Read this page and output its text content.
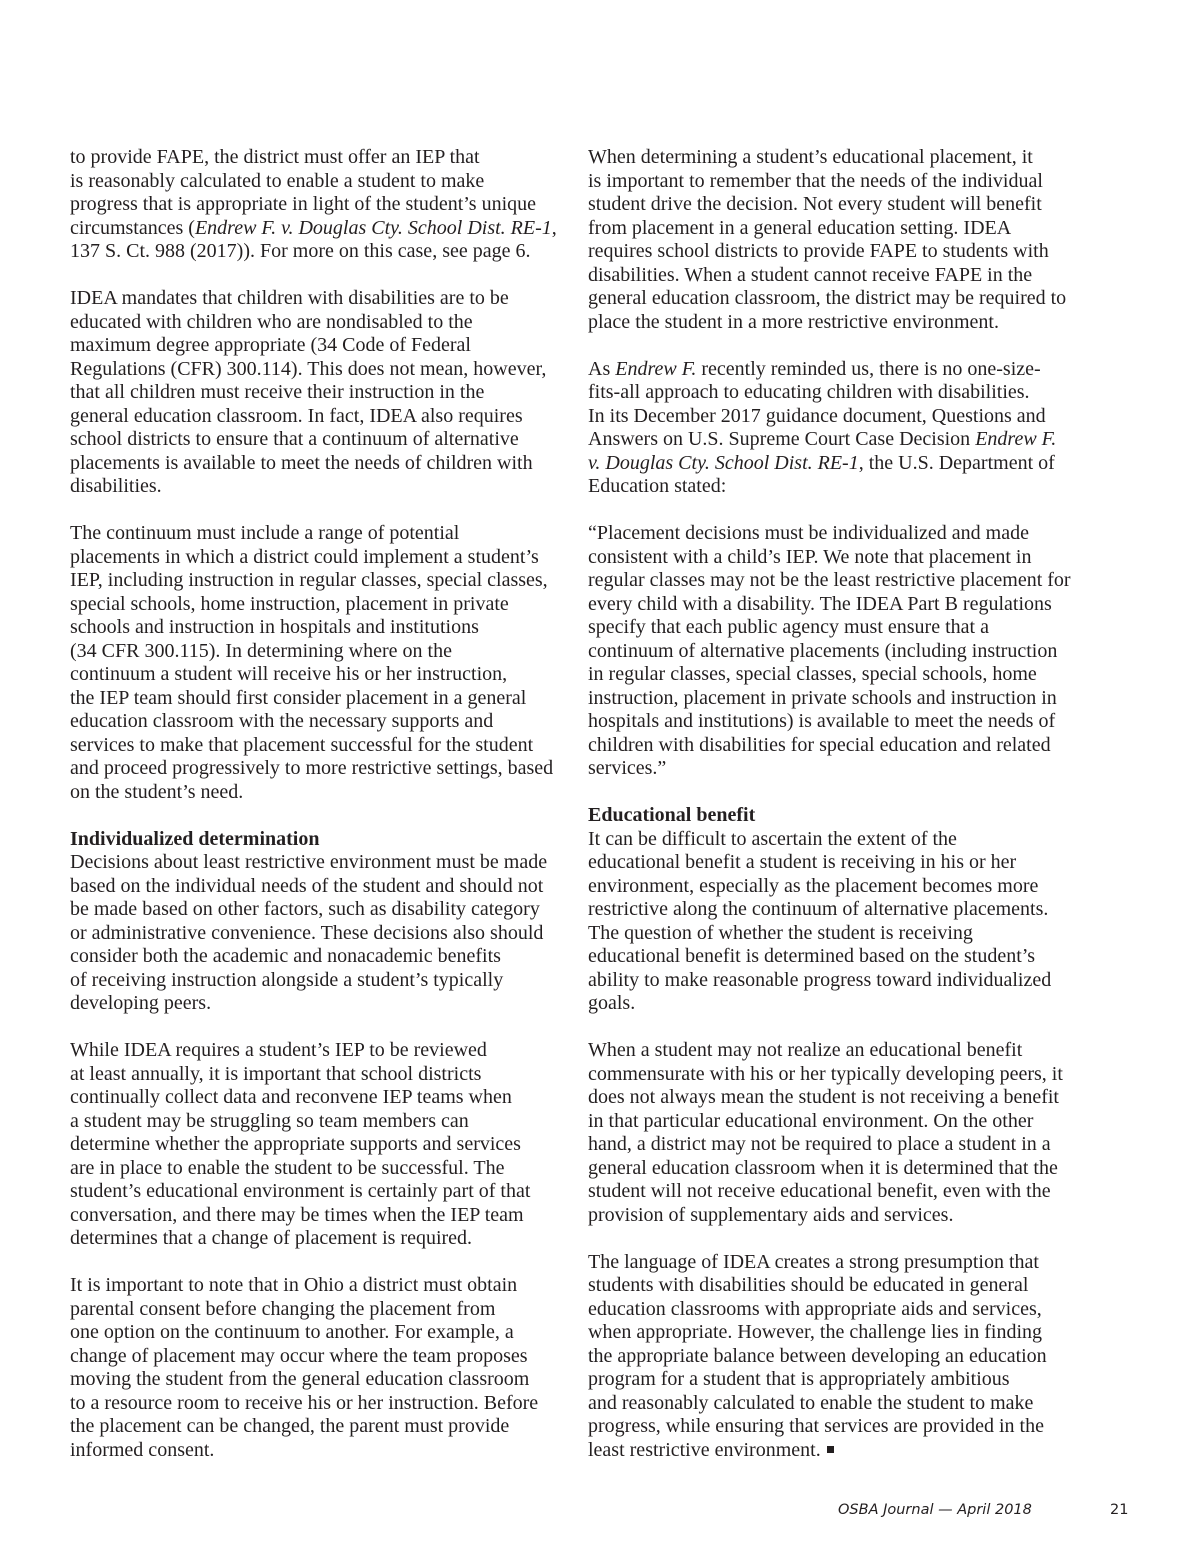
to provide FAPE, the district must offer an IEP that
is reasonably calculated to enable a student to make
progress that is appropriate in light of the student’s unique
circumstances (Endrew F. v. Douglas Cty. School Dist. RE-1,
137 S. Ct. 988 (2017)). For more on this case, see page 6.
IDEA mandates that children with disabilities are to be
educated with children who are nondisabled to the
maximum degree appropriate (34 Code of Federal
Regulations (CFR) 300.114). This does not mean, however,
that all children must receive their instruction in the
general education classroom. In fact, IDEA also requires
school districts to ensure that a continuum of alternative
placements is available to meet the needs of children with
disabilities.
The continuum must include a range of potential
placements in which a district could implement a student’s
IEP, including instruction in regular classes, special classes,
special schools, home instruction, placement in private
schools and instruction in hospitals and institutions
(34 CFR 300.115). In determining where on the
continuum a student will receive his or her instruction,
the IEP team should first consider placement in a general
education classroom with the necessary supports and
services to make that placement successful for the student
and proceed progressively to more restrictive settings, based
on the student’s need.
Individualized determination
Decisions about least restrictive environment must be made
based on the individual needs of the student and should not
be made based on other factors, such as disability category
or administrative convenience. These decisions also should
consider both the academic and nonacademic benefits
of receiving instruction alongside a student’s typically
developing peers.
While IDEA requires a student’s IEP to be reviewed
at least annually, it is important that school districts
continually collect data and reconvene IEP teams when
a student may be struggling so team members can
determine whether the appropriate supports and services
are in place to enable the student to be successful. The
student’s educational environment is certainly part of that
conversation, and there may be times when the IEP team
determines that a change of placement is required.
It is important to note that in Ohio a district must obtain
parental consent before changing the placement from
one option on the continuum to another. For example, a
change of placement may occur where the team proposes
moving the student from the general education classroom
to a resource room to receive his or her instruction. Before
the placement can be changed, the parent must provide
informed consent.
When determining a student’s educational placement, it
is important to remember that the needs of the individual
student drive the decision. Not every student will benefit
from placement in a general education setting. IDEA
requires school districts to provide FAPE to students with
disabilities. When a student cannot receive FAPE in the
general education classroom, the district may be required to
place the student in a more restrictive environment.
As Endrew F. recently reminded us, there is no one-size-
fits-all approach to educating children with disabilities.
In its December 2017 guidance document, Questions and
Answers on U.S. Supreme Court Case Decision Endrew F.
v. Douglas Cty. School Dist. RE-1, the U.S. Department of
Education stated:
“Placement decisions must be individualized and made
consistent with a child’s IEP. We note that placement in
regular classes may not be the least restrictive placement for
every child with a disability. The IDEA Part B regulations
specify that each public agency must ensure that a
continuum of alternative placements (including instruction
in regular classes, special classes, special schools, home
instruction, placement in private schools and instruction in
hospitals and institutions) is available to meet the needs of
children with disabilities for special education and related
services.”
Educational benefit
It can be difficult to ascertain the extent of the
educational benefit a student is receiving in his or her
environment, especially as the placement becomes more
restrictive along the continuum of alternative placements.
The question of whether the student is receiving
educational benefit is determined based on the student’s
ability to make reasonable progress toward individualized
goals.
When a student may not realize an educational benefit
commensurate with his or her typically developing peers, it
does not always mean the student is not receiving a benefit
in that particular educational environment. On the other
hand, a district may not be required to place a student in a
general education classroom when it is determined that the
student will not receive educational benefit, even with the
provision of supplementary aids and services.
The language of IDEA creates a strong presumption that
students with disabilities should be educated in general
education classrooms with appropriate aids and services,
when appropriate. However, the challenge lies in finding
the appropriate balance between developing an education
program for a student that is appropriately ambitious
and reasonably calculated to enable the student to make
progress, while ensuring that services are provided in the
least restrictive environment.
OSBA Journal — April 2018	21
